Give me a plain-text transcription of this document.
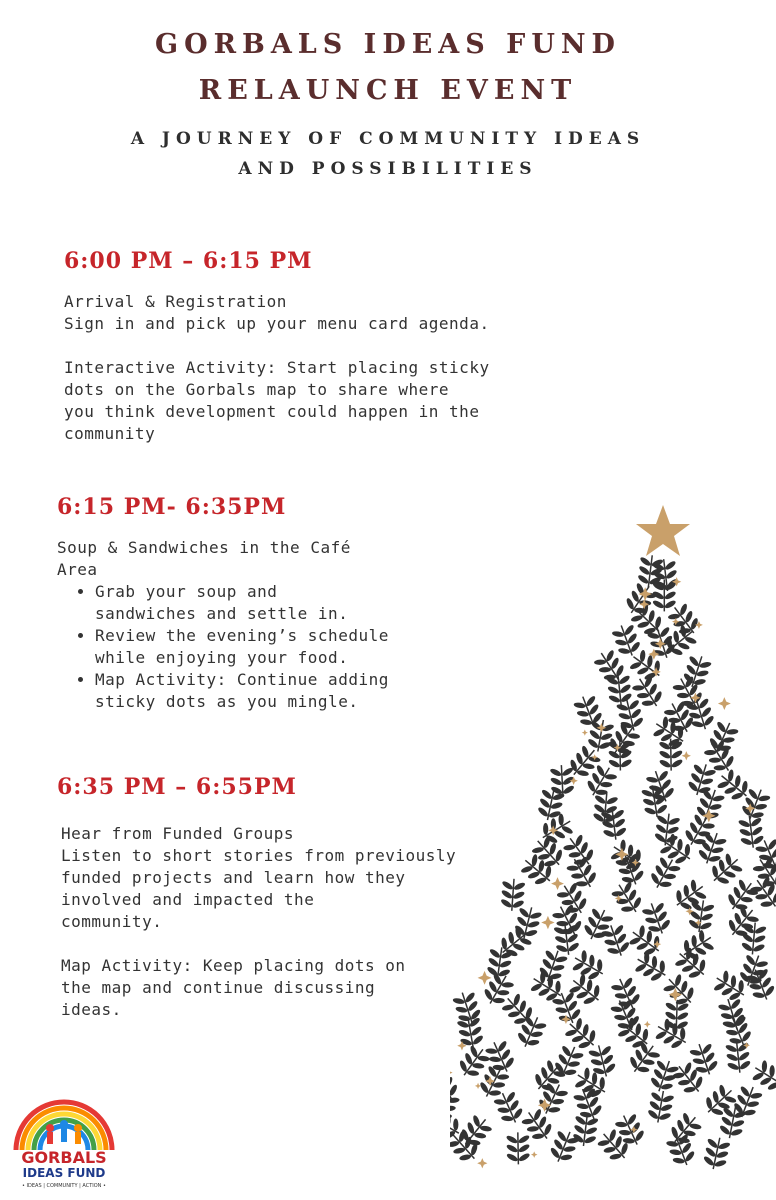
GORBALS IDEAS FUND
RELAUNCH EVENT
A JOURNEY OF COMMUNITY IDEAS
AND POSSIBILITIES
6:00 PM – 6:15 PM

Arrival & Registration

Sign in and pick up your menu card agenda.

Interactive Activity: Start placing sticky

dots on the Gorbals map to share where

you think development could happen in the

community

6:15 PM- 6:35PM

Soup & Sandwiches in the Café

Area

• Grab your soup and
sandwiches and settle in.
• Review the evening’s schedule
while enjoying your food.
• Map Activity: Continue adding
sticky dots as you mingle.
6:35 PM – 6:55PM

Hear from Funded Groups

Listen to short stories from previously

funded projects and learn how they

involved and impacted the

community.

Map Activity: Keep placing dots on

the map and continue discussing

ideas.

GORBALS
IDEAS FUND
• IDEAS | COMMUNITY | ACTION •
